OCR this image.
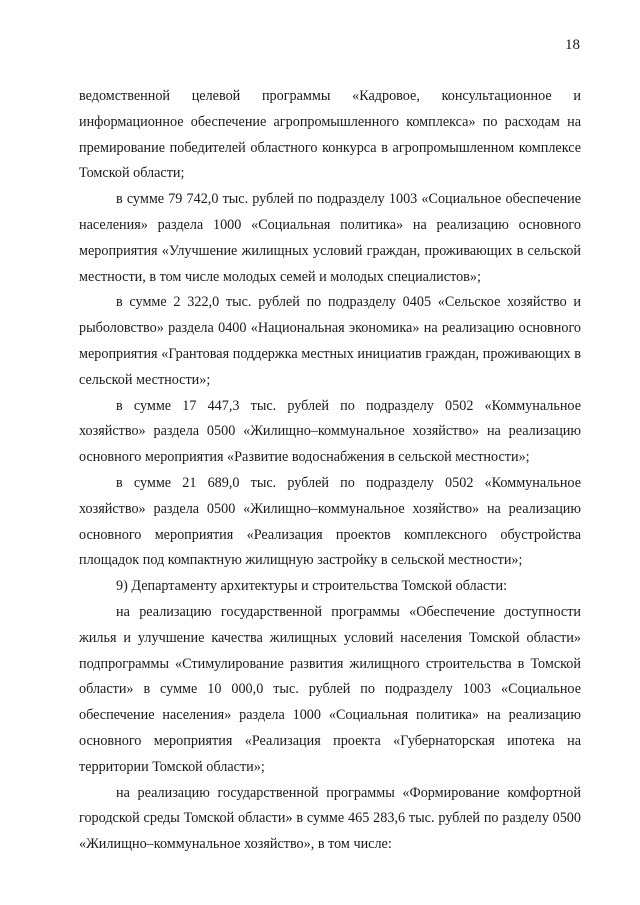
18

ведомственной целевой программы «Кадровое, консультационное и информационное обеспечение агропромышленного комплекса» по расходам на премирование победителей областного конкурса в агропромышленном комплексе Томской области;

в сумме 79 742,0 тыс. рублей по подразделу 1003 «Социальное обеспечение населения» раздела 1000 «Социальная политика» на реализацию основного мероприятия «Улучшение жилищных условий граждан, проживающих в сельской местности, в том числе молодых семей и молодых специалистов»;

в сумме 2 322,0 тыс. рублей по подразделу 0405 «Сельское хозяйство и рыболовство» раздела 0400 «Национальная экономика» на реализацию основного мероприятия «Грантовая поддержка местных инициатив граждан, проживающих в сельской местности»;

в сумме 17 447,3 тыс. рублей по подразделу 0502 «Коммунальное хозяйство» раздела 0500 «Жилищно–коммунальное хозяйство» на реализацию основного мероприятия «Развитие водоснабжения в сельской местности»;

в сумме 21 689,0 тыс. рублей по подразделу 0502 «Коммунальное хозяйство» раздела 0500 «Жилищно–коммунальное хозяйство» на реализацию основного мероприятия «Реализация проектов комплексного обустройства площадок под компактную жилищную застройку в сельской местности»;

9) Департаменту архитектуры и строительства Томской области:

на реализацию государственной программы «Обеспечение доступности жилья и улучшение качества жилищных условий населения Томской области» подпрограммы «Стимулирование развития жилищного строительства в Томской области» в сумме 10 000,0 тыс. рублей по подразделу 1003 «Социальное обеспечение населения» раздела 1000 «Социальная политика» на реализацию основного мероприятия «Реализация проекта «Губернаторская ипотека на территории Томской области»;

на реализацию государственной программы «Формирование комфортной городской среды Томской области» в сумме 465 283,6 тыс. рублей по разделу 0500 «Жилищно–коммунальное хозяйство», в том числе:
